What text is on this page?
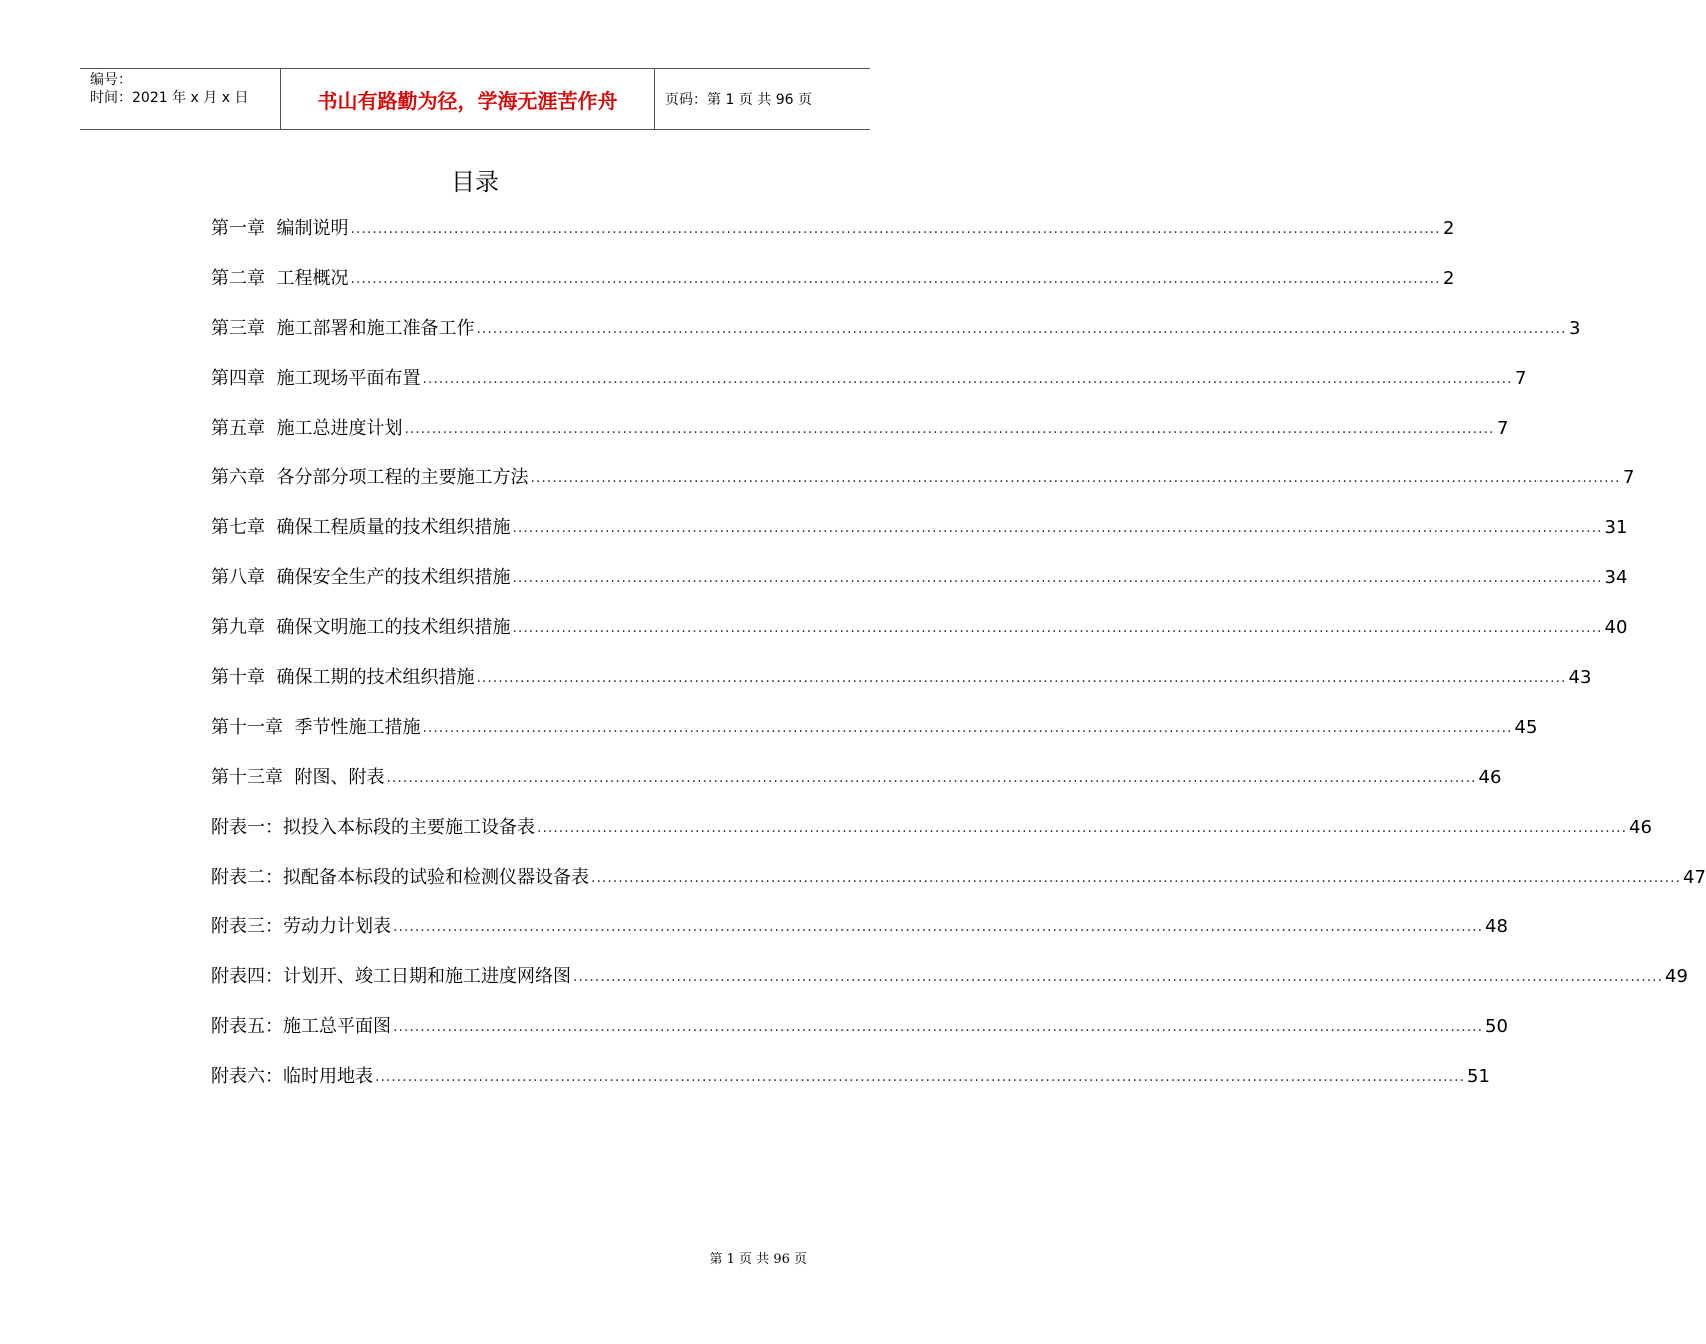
编号：
时间：2021 年 x 月 x 日	书山有路勤为径，学海无涯苦作舟	页码：第 1 页 共 96 页
目录
第一章  编制说明 ........................................................................................................................................................................................................ 2
第二章  工程概况 ........................................................................................................................................................................................................ 2
第三章  施工部署和施工准备工作 ........................................................................................................................................................................................................ 3
第四章  施工现场平面布置 ........................................................................................................................................................................................................ 7
第五章  施工总进度计划 ........................................................................................................................................................................................................ 7
第六章  各分部分项工程的主要施工方法 ........................................................................................................................................................................................................ 7
第七章  确保工程质量的技术组织措施 ........................................................................................................................................................................................................ 31
第八章  确保安全生产的技术组织措施 ........................................................................................................................................................................................................ 34
第九章  确保文明施工的技术组织措施 ........................................................................................................................................................................................................ 40
第十章  确保工期的技术组织措施 ........................................................................................................................................................................................................ 43
第十一章  季节性施工措施 ........................................................................................................................................................................................................ 45
第十三章  附图、附表 ........................................................................................................................................................................................................ 46
附表一：拟投入本标段的主要施工设备表 ........................................................................................................................................................................................................ 46
附表二：拟配备本标段的试验和检测仪器设备表 ........................................................................................................................................................................................................ 47
附表三：劳动力计划表 ........................................................................................................................................................................................................ 48
附表四：计划开、竣工日期和施工进度网络图 ........................................................................................................................................................................................................ 49
附表五：施工总平面图 ........................................................................................................................................................................................................ 50
附表六：临时用地表 ........................................................................................................................................................................................................ 51
第 1 页 共 96 页
